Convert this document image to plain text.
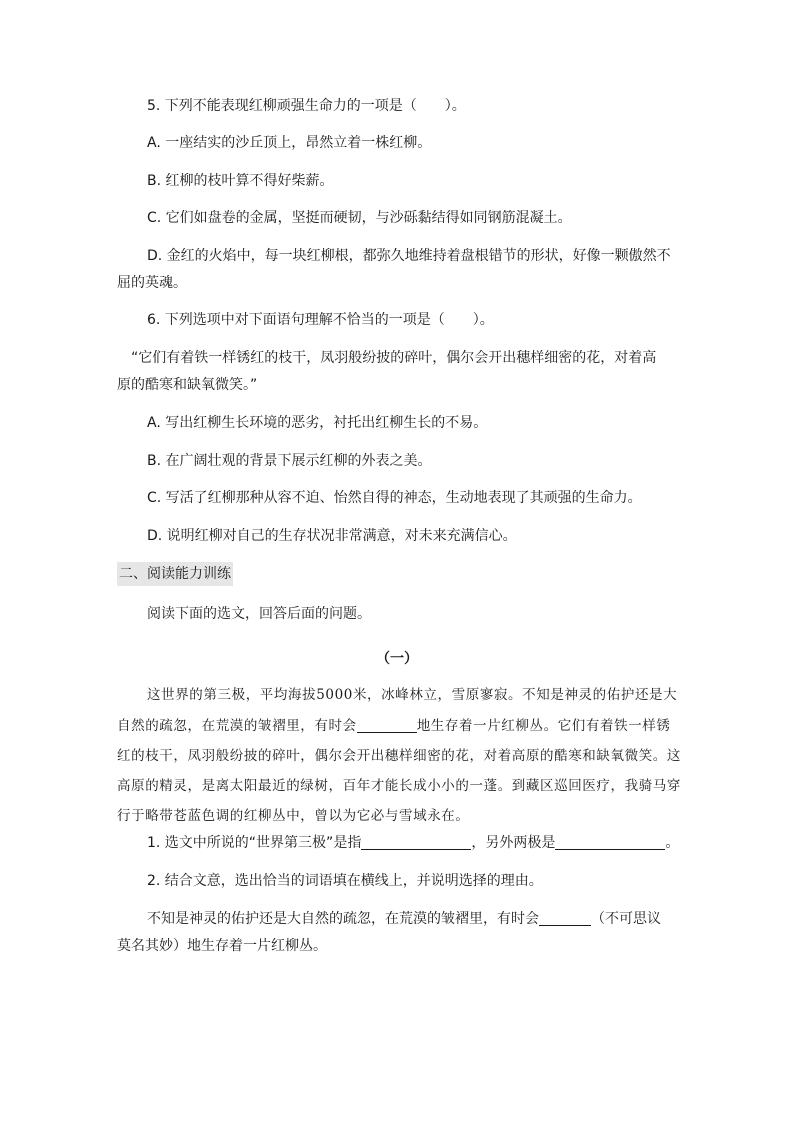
5. 下列不能表现红柳顽强生命力的一项是（　　）。

A. 一座结实的沙丘顶上，昂然立着一株红柳。

B. 红柳的枝叶算不得好柴薪。

C. 它们如盘卷的金属，坚挺而硬韧，与沙砾黏结得如同钢筋混凝土。

D. 金红的火焰中，每一块红柳根，都弥久地维持着盘根错节的形状，好像一颗傲然不

屈的英魂。

6. 下列选项中对下面语句理解不恰当的一项是（　　）。

“它们有着铁一样锈红的枝干，凤羽般纷披的碎叶，偶尔会开出穗样细密的花，对着高

原的酷寒和缺氧微笑。”

A. 写出红柳生长环境的恶劣，衬托出红柳生长的不易。

B. 在广阔壮观的背景下展示红柳的外表之美。

C. 写活了红柳那种从容不迫、怡然自得的神态，生动地表现了其顽强的生命力。

D. 说明红柳对自己的生存状况非常满意，对未来充满信心。

二、阅读能力训练

阅读下面的选文，回答后面的问题。

（一）

这世界的第三极，平均海拔5000米，冰峰林立，雪原寥寂。不知是神灵的佑护还是大

自然的疏忽，在荒漠的皱褶里，有时会	地生存着一片红柳丛。它们有着铁一样锈

红的枝干，凤羽般纷披的碎叶，偶尔会开出穗样细密的花，对着高原的酷寒和缺氧微笑。这

高原的精灵，是离太阳最近的绿树，百年才能长成小小的一蓬。到藏区巡回医疗，我骑马穿

行于略带苍蓝色调的红柳丛中，曾以为它必与雪域永在。

1. 选文中所说的“世界第三极”是指	，另外两极是	。

2. 结合文意，选出恰当的词语填在横线上，并说明选择的理由。

不知是神灵的佑护还是大自然的疏忽，在荒漠的皱褶里，有时会	（不可思议

莫名其妙）地生存着一片红柳丛。
